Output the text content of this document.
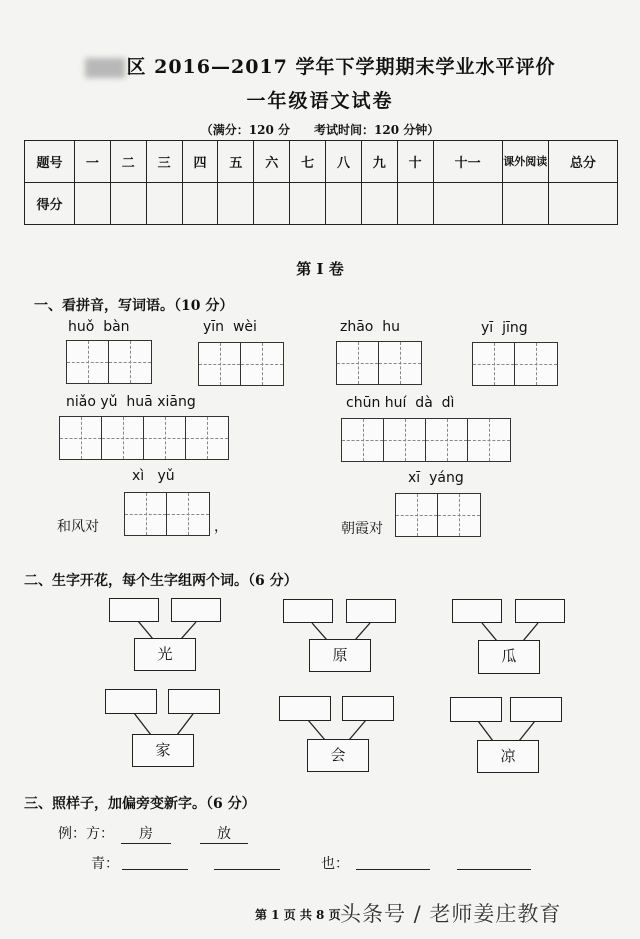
区 2016—2017 学年下学期期末学业水平评价
一年级语文试卷
（满分：120 分　　考试时间：120 分钟）
题号	一	二	三	四	五	六	七	八	九	十	十一	课外阅读	总分
得分													
第 I 卷
一、看拼音，写词语。（10 分）
huǒ  bàn	yīn  wèi	zhāo  hu	yī  jīng
niǎo yǔ  huā xiāng	chūn huí  dà  dì
xì   yǔ
和风对	，
xī  yáng
朝霞对
二、生字开花，每个生字组两个词。（6 分）
光	原	瓜
家	会	凉
三、照样子，加偏旁变新字。（6 分）
例：方：	房	放
青：	也：
第 1 页 共 8 页 头条号 / 老师姜庄教育
